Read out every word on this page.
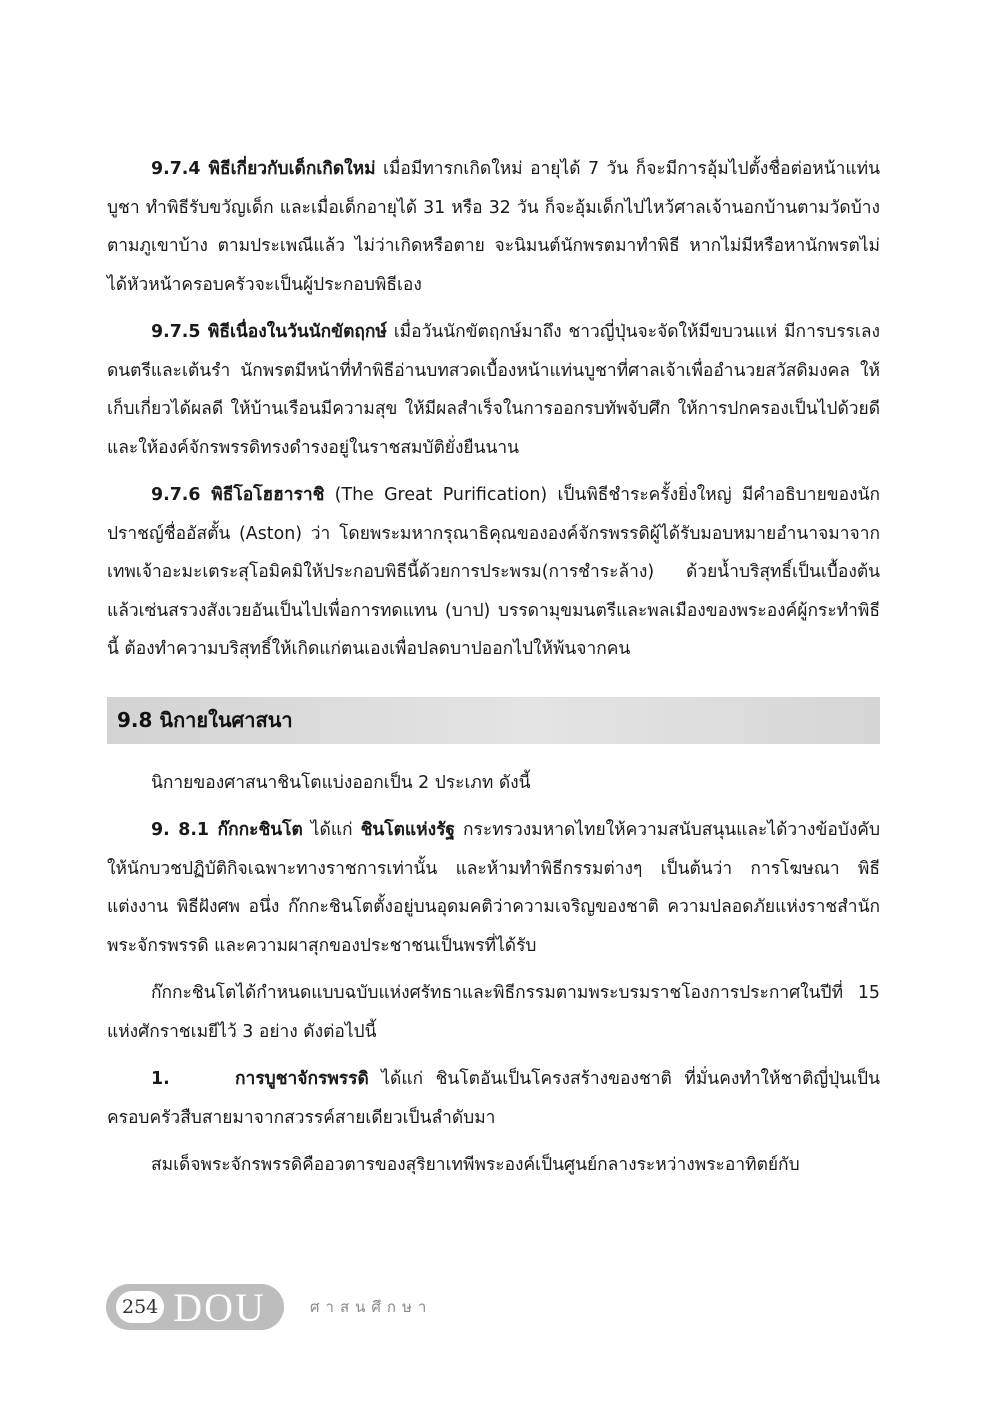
9.7.4 พิธีเกี่ยวกับเด็กเกิดใหม่ เมื่อมีทารกเกิดใหม่ อายุได้ 7 วัน ก็จะมีการอุ้มไปตั้งชื่อต่อหน้าแท่นบูชา ทำพิธีรับขวัญเด็ก และเมื่อเด็กอายุได้ 31 หรือ 32 วัน ก็จะอุ้มเด็กไปไหว้ศาลเจ้านอกบ้านตามวัดบ้าง ตามภูเขาบ้าง ตามประเพณีแล้ว ไม่ว่าเกิดหรือตาย จะนิมนต์นักพรตมาทำพิธี หากไม่มีหรือหานักพรตไม่ได้หัวหน้าครอบครัวจะเป็นผู้ประกอบพิธีเอง

9.7.5 พิธีเนื่องในวันนักขัตฤกษ์ เมื่อวันนักขัตฤกษ์มาถึง ชาวญี่ปุ่นจะจัดให้มีขบวนแห่ มีการบรรเลงดนตรีและเต้นรำ นักพรตมีหน้าที่ทำพิธีอ่านบทสวดเบื้องหน้าแท่นบูชาที่ศาลเจ้าเพื่ออำนวยสวัสดิมงคล ให้เก็บเกี่ยวได้ผลดี ให้บ้านเรือนมีความสุข ให้มีผลสำเร็จในการออกรบทัพจับศึก ให้การปกครองเป็นไปด้วยดีและให้องค์จักรพรรดิทรงดำรงอยู่ในราชสมบัติยั่งยืนนาน

9.7.6 พิธีโอโฮฮาราชิ (The Great Purification) เป็นพิธีชำระครั้งยิ่งใหญ่ มีคำอธิบายของนักปราชญ์ชื่ออัสตั้น (Aston) ว่า โดยพระมหากรุณาธิคุณขององค์จักรพรรดิผู้ได้รับมอบหมายอำนาจมาจากเทพเจ้าอะมะเตระสุโอมิคมิให้ประกอบพิธีนี้ด้วยการประพรม(การชำระล้าง) ด้วยน้ำบริสุทธิ์เป็นเบื้องต้นแล้วเซ่นสรวงสังเวยอันเป็นไปเพื่อการทดแทน (บาป) บรรดามุขมนตรีและพลเมืองของพระองค์ผู้กระทำพิธีนี้ ต้องทำความบริสุทธิ์ให้เกิดแก่ตนเองเพื่อปลดบาปออกไปให้พ้นจากคน

9.8 นิกายในศาสนา

นิกายของศาสนาชินโตแบ่งออกเป็น 2 ประเภท ดังนี้

9. 8.1 ก๊กกะชินโต ได้แก่ ชินโตแห่งรัฐ กระทรวงมหาดไทยให้ความสนับสนุนและได้วางข้อบังคับให้นักบวชปฏิบัติกิจเฉพาะทางราชการเท่านั้น และห้ามทำพิธีกรรมต่างๆ เป็นต้นว่า การโฆษณา พิธีแต่งงาน พิธีฝังศพ อนึ่ง ก๊กกะชินโตตั้งอยู่บนอุดมคติว่าความเจริญของชาติ ความปลอดภัยแห่งราชสำนักพระจักรพรรดิ และความผาสุกของประชาชนเป็นพรที่ได้รับ

ก๊กกะชินโตได้กำหนดแบบฉบับแห่งศรัทธาและพิธีกรรมตามพระบรมราชโองการประกาศในปีที่ 15 แห่งศักราชเมยีไว้ 3 อย่าง ดังต่อไปนี้

1.     การบูชาจักรพรรดิ ได้แก่ ชินโตอันเป็นโครงสร้างของชาติ ที่มั่นคงทำให้ชาติญี่ปุ่นเป็นครอบครัวสืบสายมาจากสวรรค์สายเดียวเป็นลำดับมา

สมเด็จพระจักรพรรดิคืออวตารของสุริยาเทพีพระองค์เป็นศูนย์กลางระหว่างพระอาทิตย์กับ

254 DOU	ศาสนศึกษา
